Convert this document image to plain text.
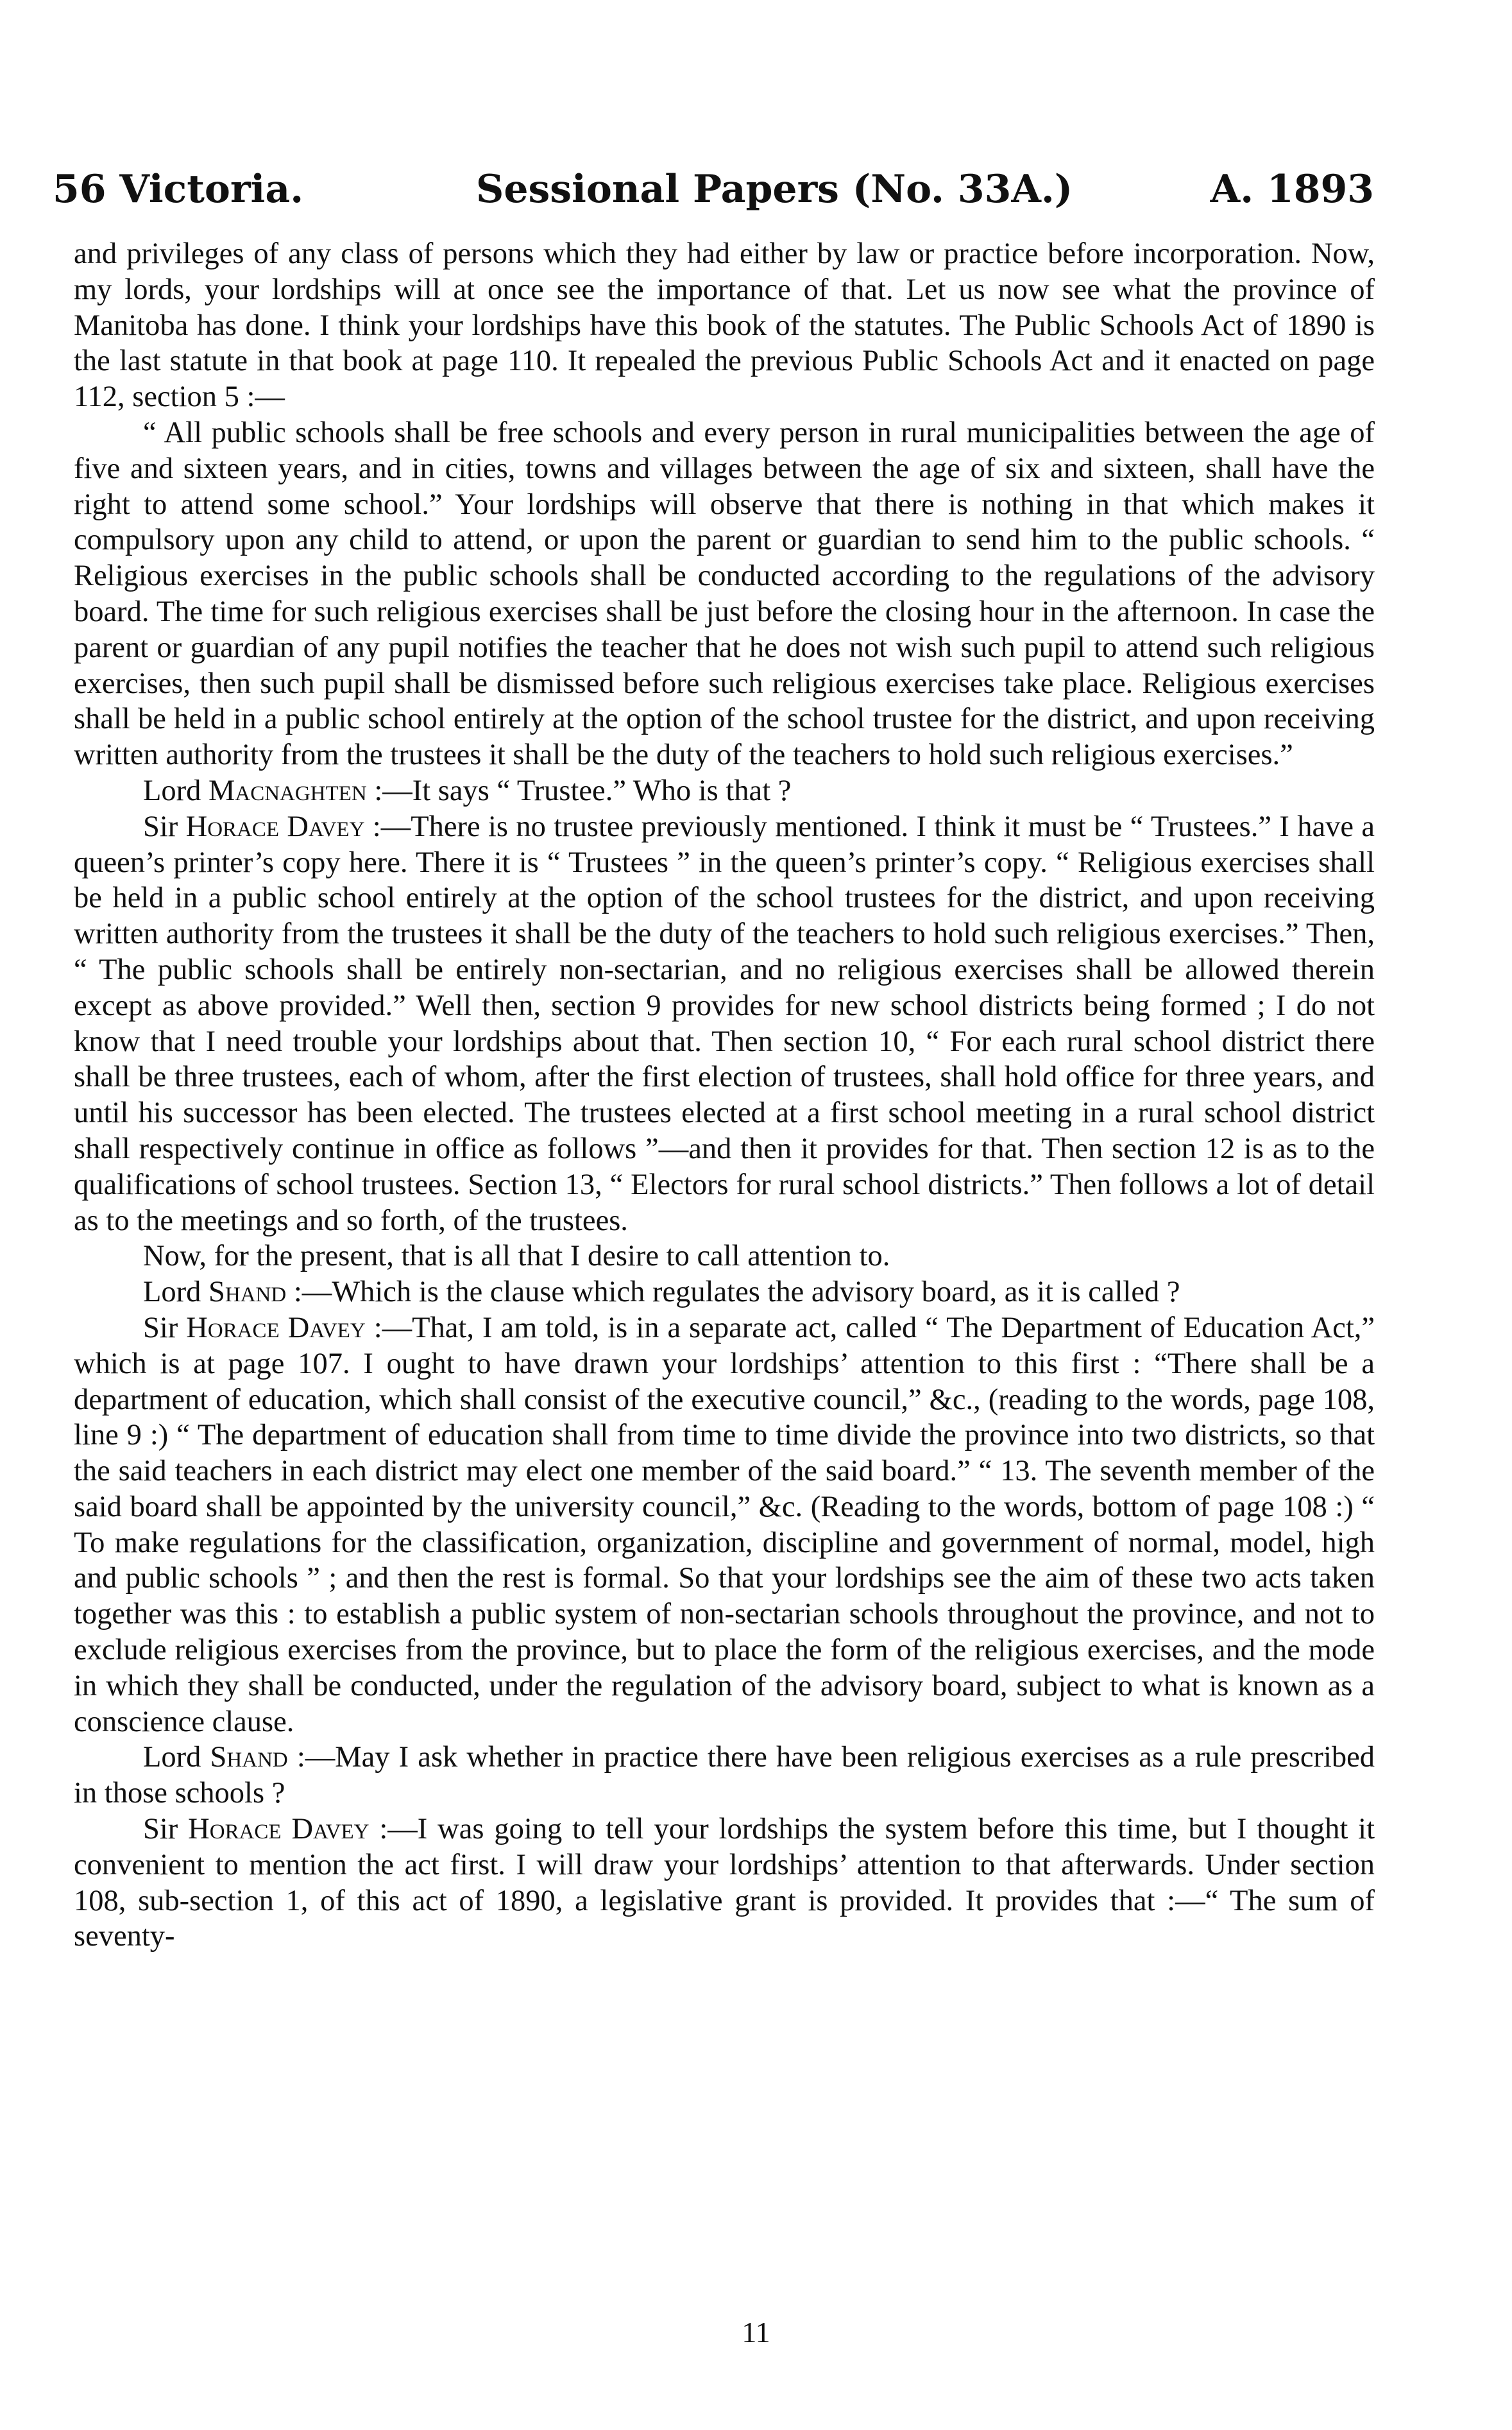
56 Victoria.	Sessional Papers (No. 33A.)	A. 1893

and privileges of any class of persons which they had either by law or practice before incorporation. Now, my lords, your lordships will at once see the importance of that. Let us now see what the province of Manitoba has done. I think your lordships have this book of the statutes. The Public Schools Act of 1890 is the last statute in that book at page 110. It repealed the previous Public Schools Act and it enacted on page 112, section 5 :—

“ All public schools shall be free schools and every person in rural municipalities between the age of five and sixteen years, and in cities, towns and villages between the age of six and sixteen, shall have the right to attend some school.” Your lordships will observe that there is nothing in that which makes it compulsory upon any child to attend, or upon the parent or guardian to send him to the public schools. “ Religious exercises in the public schools shall be conducted according to the regulations of the advisory board. The time for such religious exercises shall be just before the closing hour in the afternoon. In case the parent or guardian of any pupil notifies the teacher that he does not wish such pupil to attend such religious exercises, then such pupil shall be dismissed before such religious exercises take place. Religious exercises shall be held in a public school entirely at the option of the school trustee for the district, and upon receiving written authority from the trustees it shall be the duty of the teachers to hold such religious exercises.”

Lord Macnaghten :—It says “ Trustee.” Who is that ?

Sir Horace Davey :—There is no trustee previously mentioned. I think it must be “ Trustees.” I have a queen’s printer’s copy here. There it is “ Trustees ” in the queen’s printer’s copy. “ Religious exercises shall be held in a public school entirely at the option of the school trustees for the district, and upon receiving written authority from the trustees it shall be the duty of the teachers to hold such religious exercises.” Then, “ The public schools shall be entirely non-sectarian, and no religious exercises shall be allowed therein except as above provided.” Well then, section 9 provides for new school districts being formed ; I do not know that I need trouble your lordships about that. Then section 10, “ For each rural school district there shall be three trustees, each of whom, after the first election of trustees, shall hold office for three years, and until his successor has been elected. The trustees elected at a first school meeting in a rural school district shall respectively continue in office as follows ”—and then it provides for that. Then section 12 is as to the qualifications of school trustees. Section 13, “ Electors for rural school districts.” Then follows a lot of detail as to the meetings and so forth, of the trustees.

Now, for the present, that is all that I desire to call attention to.

Lord Shand :—Which is the clause which regulates the advisory board, as it is called ?

Sir Horace Davey :—That, I am told, is in a separate act, called “ The Department of Education Act,” which is at page 107. I ought to have drawn your lordships’ attention to this first : “There shall be a department of education, which shall consist of the executive council,” &c., (reading to the words, page 108, line 9 :) “ The department of education shall from time to time divide the province into two districts, so that the said teachers in each district may elect one member of the said board.” “ 13. The seventh member of the said board shall be appointed by the university council,” &c. (Reading to the words, bottom of page 108 :) “ To make regulations for the classification, organization, discipline and government of normal, model, high and public schools ” ; and then the rest is formal. So that your lordships see the aim of these two acts taken together was this : to establish a public system of non-sectarian schools throughout the province, and not to exclude religious exercises from the province, but to place the form of the religious exercises, and the mode in which they shall be conducted, under the regulation of the advisory board, subject to what is known as a conscience clause.

Lord Shand :—May I ask whether in practice there have been religious exercises as a rule prescribed in those schools ?

Sir Horace Davey :—I was going to tell your lordships the system before this time, but I thought it convenient to mention the act first. I will draw your lordships’ attention to that afterwards. Under section 108, sub-section 1, of this act of 1890, a legislative grant is provided. It provides that :—“ The sum of seventy-

11
